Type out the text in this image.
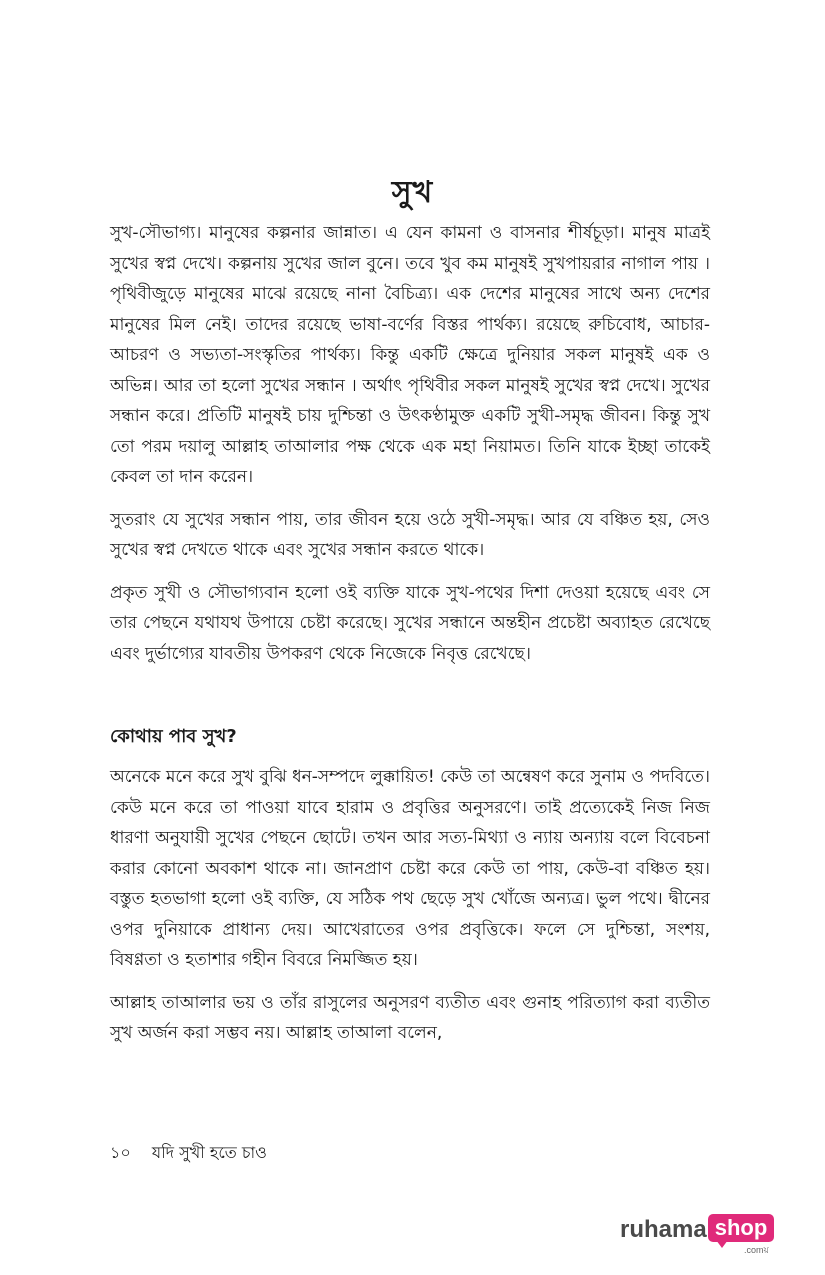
সুখ

সুখ-সৌভাগ্য। মানুষের কল্পনার জান্নাত। এ যেন কামনা ও বাসনার শীর্ষচূড়া। মানুষ মাত্রই সুখের স্বপ্ন দেখে। কল্পনায় সুখের জাল বুনে। তবে খুব কম মানুষই সুখপায়রার নাগাল পায় । পৃথিবীজুড়ে মানুষের মাঝে রয়েছে নানা বৈচিত্র্য। এক দেশের মানুষের সাথে অন্য দেশের মানুষের মিল নেই। তাদের রয়েছে ভাষা-বর্ণের বিস্তর পার্থক্য। রয়েছে রুচিবোধ, আচার-আচরণ ও সভ্যতা-সংস্কৃতির পার্থক্য। কিন্তু একটি ক্ষেত্রে দুনিয়ার সকল মানুষই এক ও অভিন্ন। আর তা হলো সুখের সন্ধান । অর্থাৎ পৃথিবীর সকল মানুষই সুখের স্বপ্ন দেখে। সুখের সন্ধান করে। প্রতিটি মানুষই চায় দুশ্চিন্তা ও উৎকণ্ঠামুক্ত একটি সুখী-সমৃদ্ধ জীবন। কিন্তু সুখ তো পরম দয়ালু আল্লাহ তাআলার পক্ষ থেকে এক মহা নিয়ামত। তিনি যাকে ইচ্ছা তাকেই কেবল তা দান করেন।

সুতরাং যে সুখের সন্ধান পায়, তার জীবন হয়ে ওঠে সুখী-সমৃদ্ধ। আর যে বঞ্চিত হয়, সেও সুখের স্বপ্ন দেখতে থাকে এবং সুখের সন্ধান করতে থাকে।

প্রকৃত সুখী ও সৌভাগ্যবান হলো ওই ব্যক্তি যাকে সুখ-পথের দিশা দেওয়া হয়েছে এবং সে তার পেছনে যথাযথ উপায়ে চেষ্টা করেছে। সুখের সন্ধানে অন্তহীন প্রচেষ্টা অব্যাহত রেখেছে এবং দুর্ভাগ্যের যাবতীয় উপকরণ থেকে নিজেকে নিবৃত্ত রেখেছে।

কোথায় পাব সুখ?

অনেকে মনে করে সুখ বুঝি ধন-সম্পদে লুক্কায়িত! কেউ তা অন্বেষণ করে সুনাম ও পদবিতে। কেউ মনে করে তা পাওয়া যাবে হারাম ও প্রবৃত্তির অনুসরণে। তাই প্রত্যেকেই নিজ নিজ ধারণা অনুযায়ী সুখের পেছনে ছোটে। তখন আর সত্য-মিথ্যা ও ন্যায় অন্যায় বলে বিবেচনা করার কোনো অবকাশ থাকে না। জানপ্রাণ চেষ্টা করে কেউ তা পায়, কেউ-বা বঞ্চিত হয়। বস্তুত হতভাগা হলো ওই ব্যক্তি, যে সঠিক পথ ছেড়ে সুখ খোঁজে অন্যত্র। ভুল পথে। দ্বীনের ওপর দুনিয়াকে প্রাধান্য দেয়। আখেরাতের ওপর প্রবৃত্তিকে। ফলে সে দুশ্চিন্তা, সংশয়, বিষণ্ণতা ও হতাশার গহীন বিবরে নিমজ্জিত হয়।

আল্লাহ তাআলার ভয় ও তাঁর রাসুলের অনুসরণ ব্যতীত এবং গুনাহ পরিত্যাগ করা ব্যতীত সুখ অর্জন করা সম্ভব নয়। আল্লাহ তাআলা বলেন,

১০ যদি সুখী হতে চাও
ruhama shop
.comয়
